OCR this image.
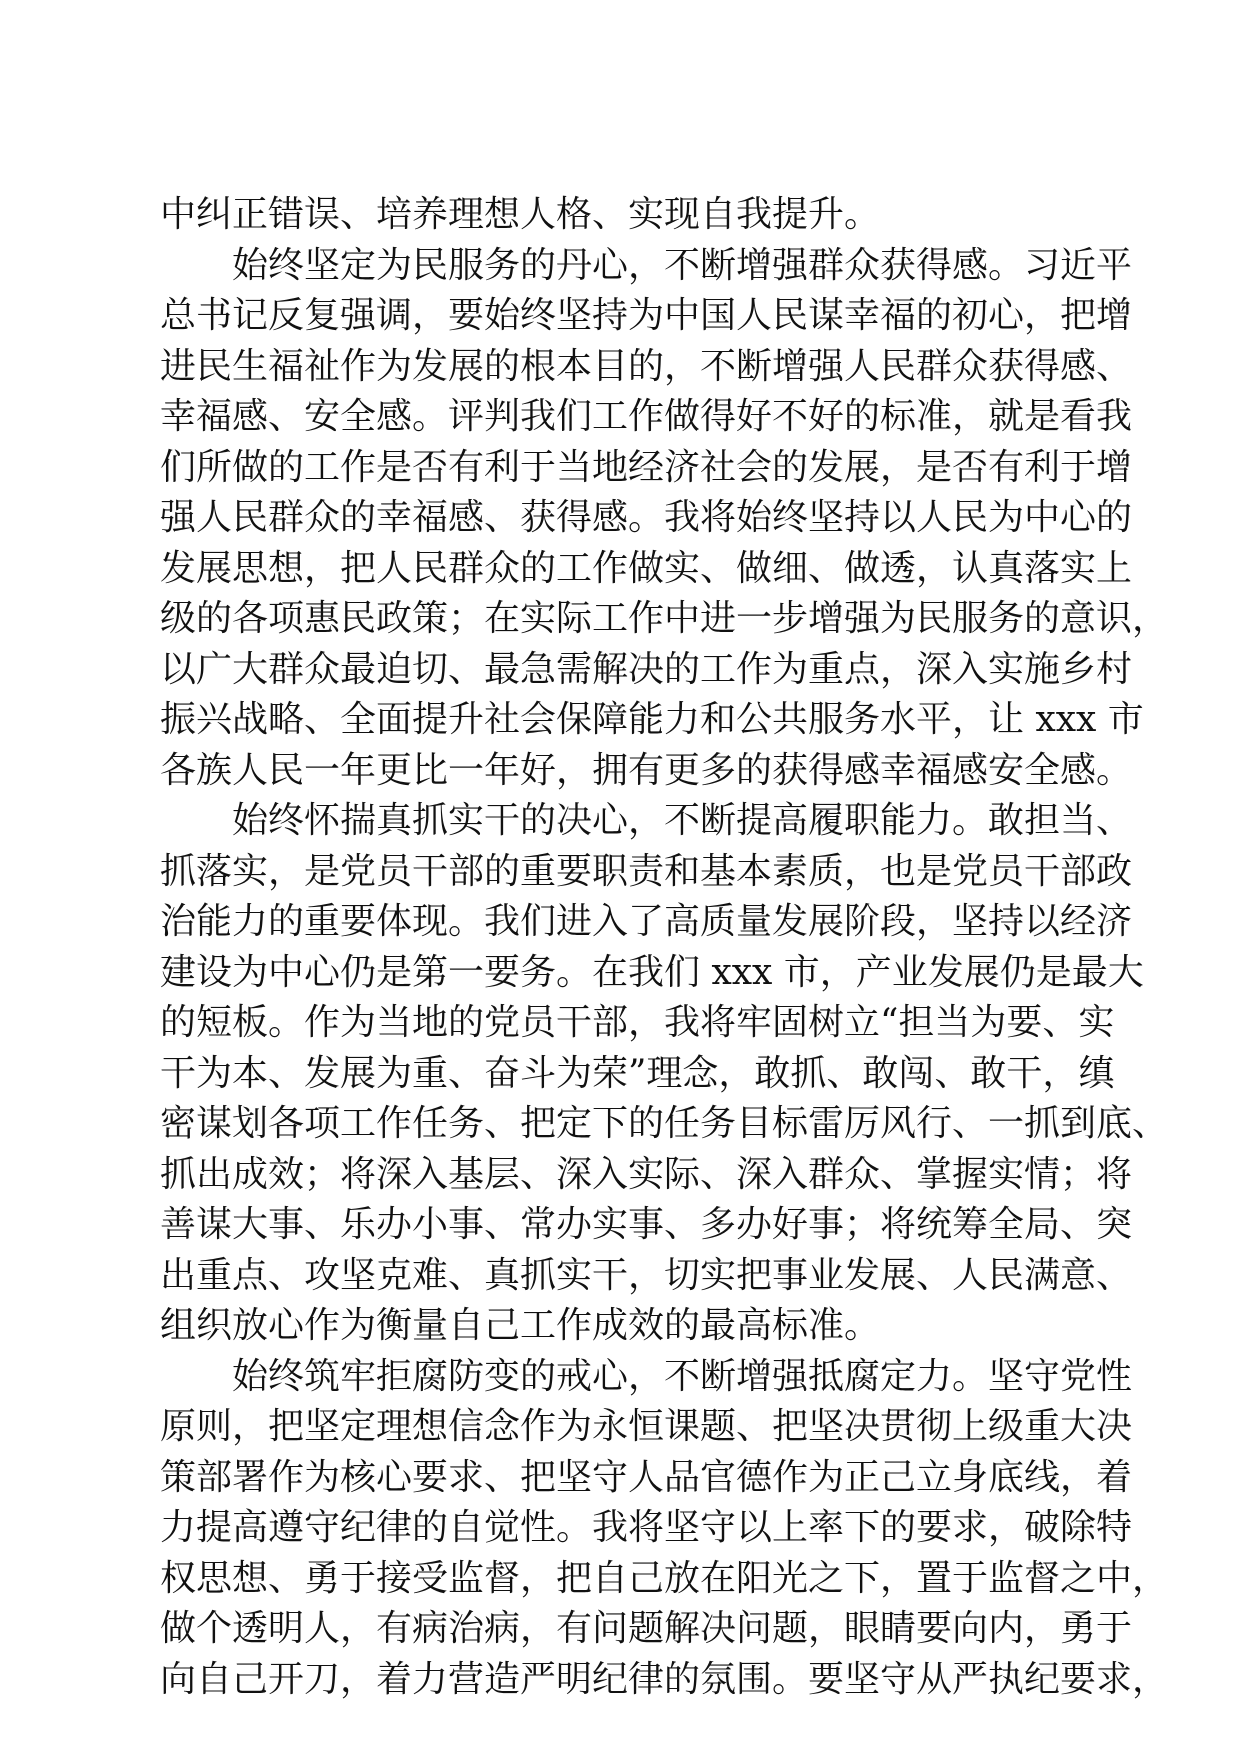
中纠正错误、培养理想人格、实现自我提升。
始终坚定为民服务的丹心，不断增强群众获得感。习近平
总书记反复强调，要始终坚持为中国人民谋幸福的初心，把增
进民生福祉作为发展的根本目的，不断增强人民群众获得感、
幸福感、安全感。评判我们工作做得好不好的标准，就是看我
们所做的工作是否有利于当地经济社会的发展，是否有利于增
强人民群众的幸福感、获得感。我将始终坚持以人民为中心的
发展思想，把人民群众的工作做实、做细、做透，认真落实上
级的各项惠民政策；在实际工作中进一步增强为民服务的意识，
以广大群众最迫切、最急需解决的工作为重点，深入实施乡村
振兴战略、全面提升社会保障能力和公共服务水平，让 xxx 市
各族人民一年更比一年好，拥有更多的获得感幸福感安全感。
始终怀揣真抓实干的决心，不断提高履职能力。敢担当、
抓落实，是党员干部的重要职责和基本素质，也是党员干部政
治能力的重要体现。我们进入了高质量发展阶段，坚持以经济
建设为中心仍是第一要务。在我们 xxx 市，产业发展仍是最大
的短板。作为当地的党员干部，我将牢固树立“担当为要、实
干为本、发展为重、奋斗为荣”理念，敢抓、敢闯、敢干，缜
密谋划各项工作任务、把定下的任务目标雷厉风行、一抓到底、
抓出成效；将深入基层、深入实际、深入群众、掌握实情；将
善谋大事、乐办小事、常办实事、多办好事；将统筹全局、突
出重点、攻坚克难、真抓实干，切实把事业发展、人民满意、
组织放心作为衡量自己工作成效的最高标准。
始终筑牢拒腐防变的戒心，不断增强抵腐定力。坚守党性
原则，把坚定理想信念作为永恒课题、把坚决贯彻上级重大决
策部署作为核心要求、把坚守人品官德作为正己立身底线，着
力提高遵守纪律的自觉性。我将坚守以上率下的要求，破除特
权思想、勇于接受监督，把自己放在阳光之下，置于监督之中，
做个透明人，有病治病，有问题解决问题，眼睛要向内，勇于
向自己开刀，着力营造严明纪律的氛围。要坚守从严执纪要求，
